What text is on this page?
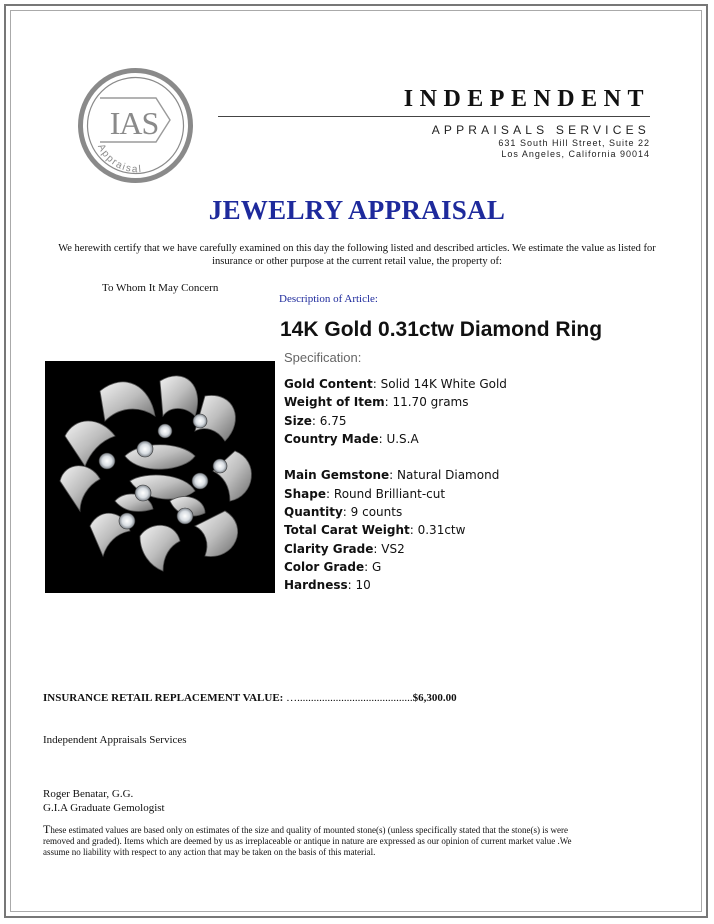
IAS
Appraisal
INDEPENDENT
APPRAISALS SERVICES
631 South Hill Street, Suite 22
Los Angeles, California 90014
JEWELRY APPRAISAL
We herewith certify that we have carefully examined on this day the following listed and described articles. We estimate the value as listed for insurance or other purpose at the current retail value, the property of:
To Whom It May Concern
Description of Article:
14K Gold 0.31ctw Diamond Ring
Specification:
Gold Content: Solid 14K White Gold
Weight of Item: 11.70 grams
Size: 6.75
Country Made: U.S.A
Main Gemstone: Natural Diamond
Shape: Round Brilliant-cut
Quantity: 9 counts
Total Carat Weight: 0.31ctw
Clarity Grade: VS2
Color Grade: G
Hardness: 10
INSURANCE RETAIL REPLACEMENT VALUE: …..........................................$6,300.00
Independent Appraisals Services
Roger Benatar, G.G.
G.I.A Graduate Gemologist
These estimated values are based only on estimates of the size and quality of mounted stone(s) (unless specifically stated that the stone(s) is were removed and graded). Items which are deemed by us as irreplaceable or antique in nature are expressed as our opinion of current market value .We assume no liability with respect to any action that may be taken on the basis of this material.
